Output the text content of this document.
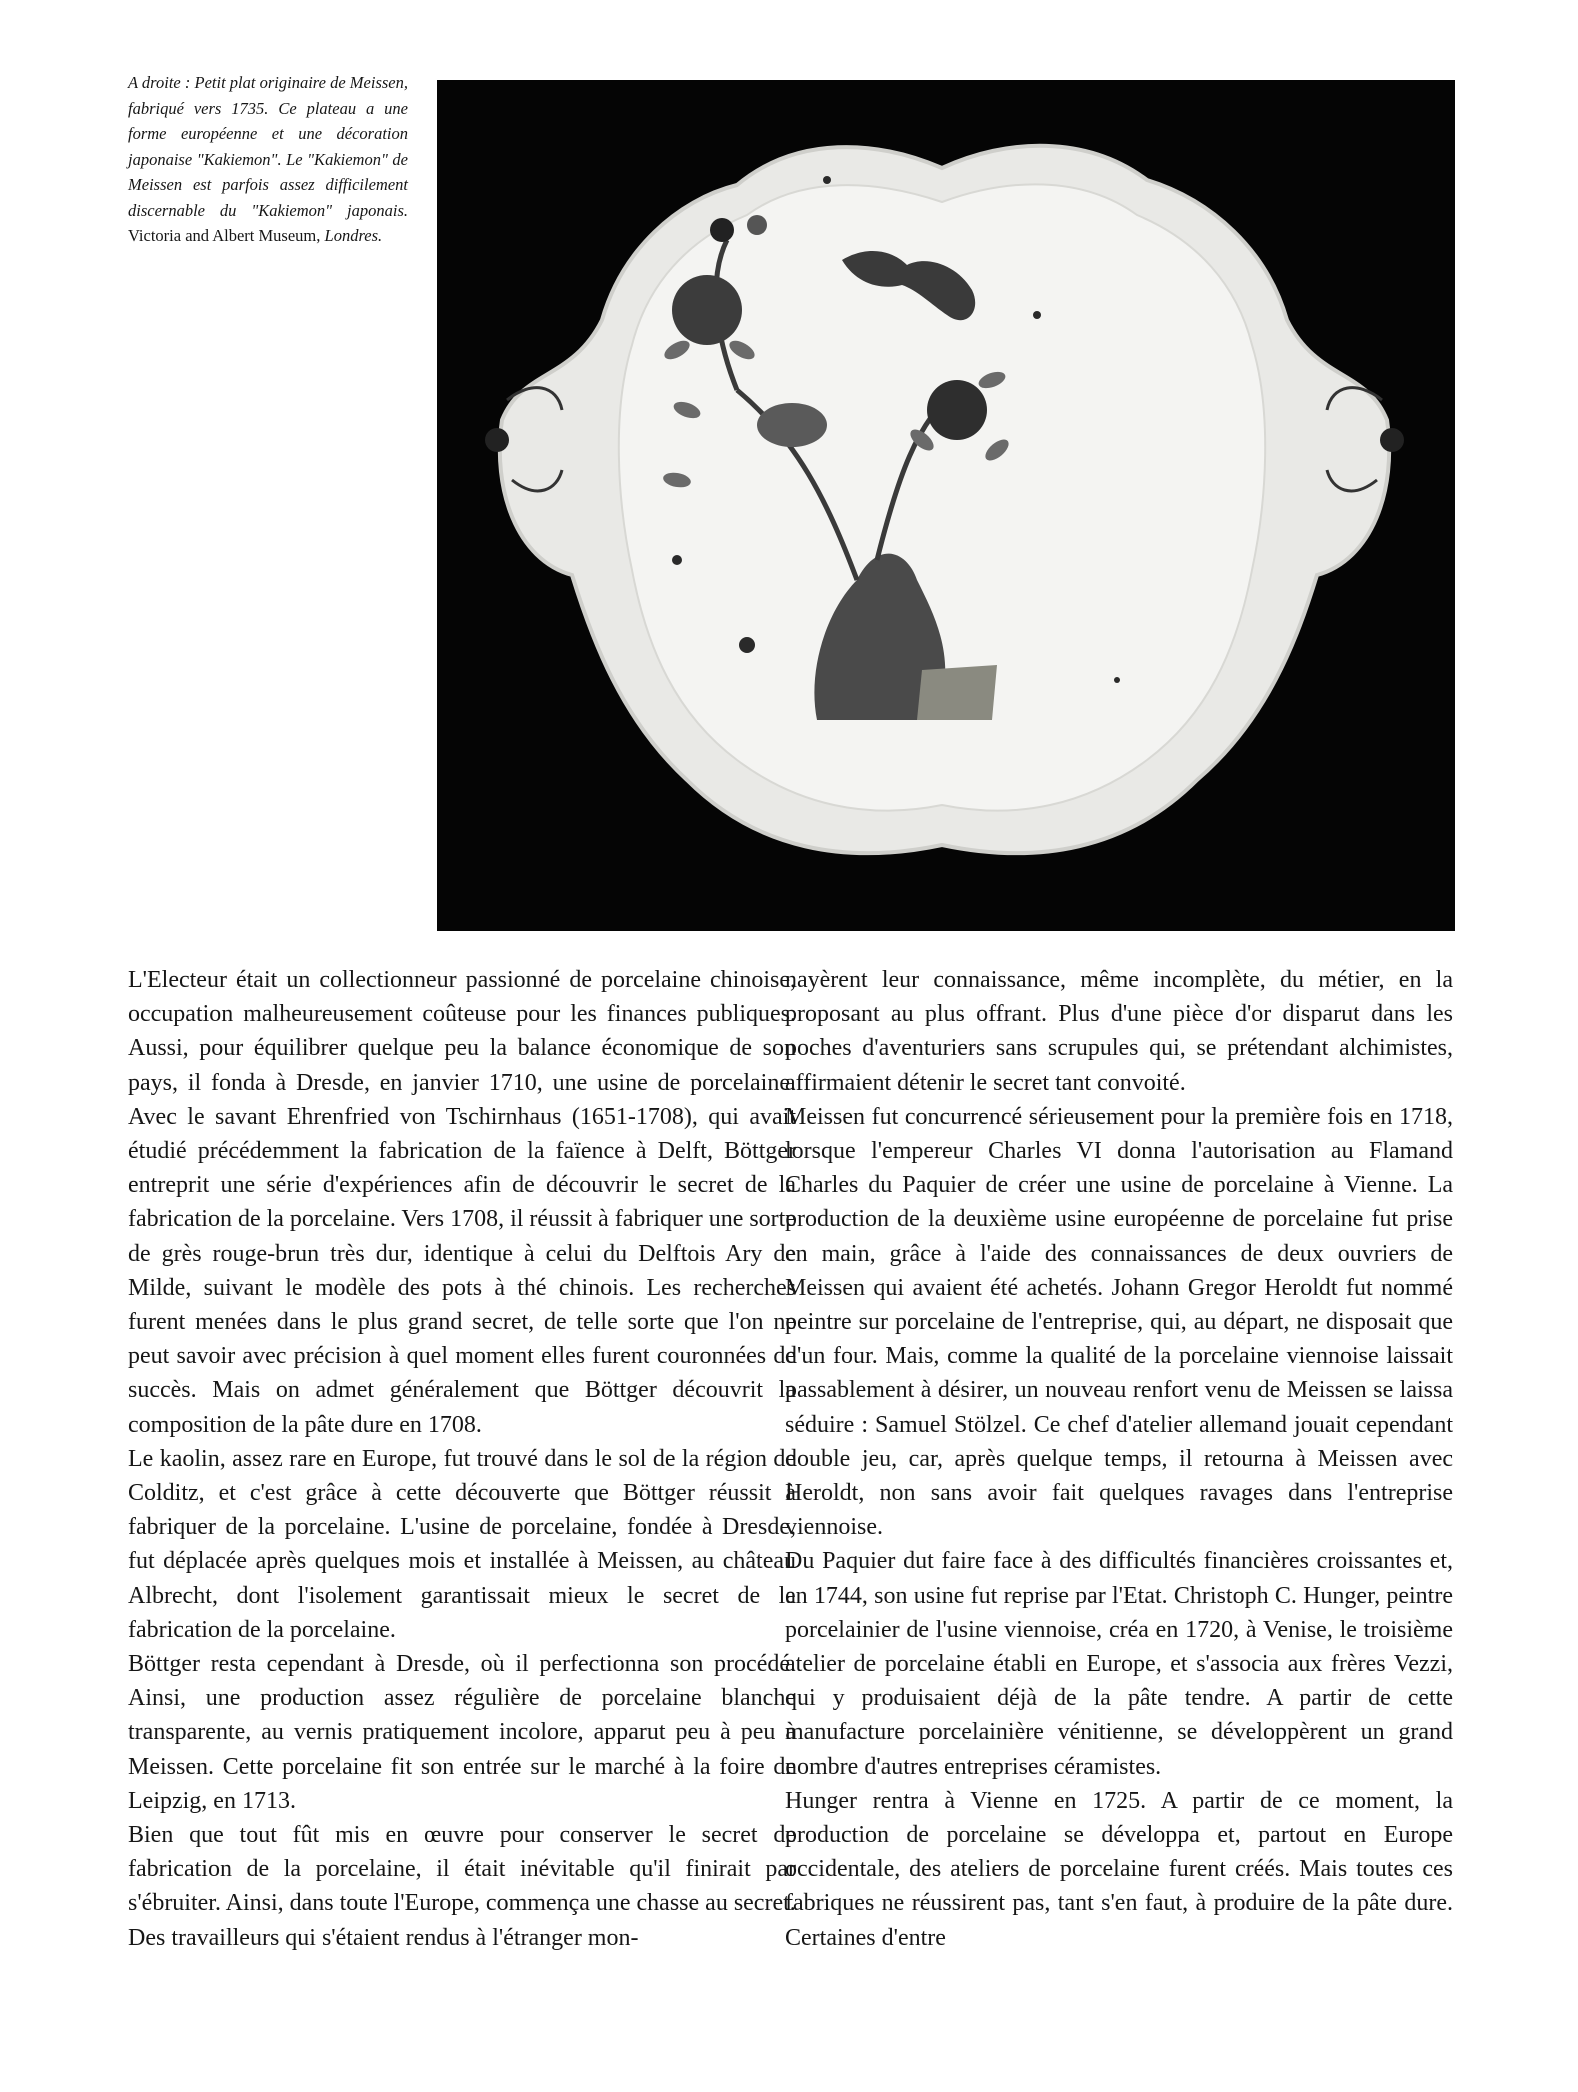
A droite : Petit plat originaire de Meissen, fabriqué vers 1735. Ce plateau a une forme européenne et une décoration japonaise "Kakiemon". Le "Kakiemon" de Meissen est parfois assez difficilement discernable du "Kakiemon" japonais. Victoria and Albert Museum, Londres.

L'Electeur était un collectionneur passionné de porcelaine chinoise, occupation malheureusement coûteuse pour les finances publiques. Aussi, pour équilibrer quelque peu la balance économique de son pays, il fonda à Dresde, en janvier 1710, une usine de porcelaine. Avec le savant Ehrenfried von Tschirnhaus (1651-1708), qui avait étudié précédemment la fabrication de la faïence à Delft, Böttger entreprit une série d'expériences afin de découvrir le secret de la fabrication de la porcelaine. Vers 1708, il réussit à fabriquer une sorte de grès rouge-brun très dur, identique à celui du Delftois Ary de Milde, suivant le modèle des pots à thé chinois. Les recherches furent menées dans le plus grand secret, de telle sorte que l'on ne peut savoir avec précision à quel moment elles furent couronnées de succès. Mais on admet généralement que Böttger découvrit la composition de la pâte dure en 1708.

Le kaolin, assez rare en Europe, fut trouvé dans le sol de la région de Colditz, et c'est grâce à cette découverte que Böttger réussit à fabriquer de la porcelaine. L'usine de porcelaine, fondée à Dresde, fut déplacée après quelques mois et installée à Meissen, au château Albrecht, dont l'isolement garantissait mieux le secret de la fabrication de la porcelaine.

Böttger resta cependant à Dresde, où il perfectionna son procédé. Ainsi, une production assez régulière de porcelaine blanche transparente, au vernis pratiquement incolore, apparut peu à peu à Meissen. Cette porcelaine fit son entrée sur le marché à la foire de Leipzig, en 1713.

Bien que tout fût mis en œuvre pour conserver le secret de fabrication de la porcelaine, il était inévitable qu'il finirait par s'ébruiter. Ainsi, dans toute l'Europe, commença une chasse au secret.

Des travailleurs qui s'étaient rendus à l'étranger mon-

nayèrent leur connaissance, même incomplète, du métier, en la proposant au plus offrant. Plus d'une pièce d'or disparut dans les poches d'aventuriers sans scrupules qui, se prétendant alchimistes, affirmaient détenir le secret tant convoité.

Meissen fut concurrencé sérieusement pour la première fois en 1718, lorsque l'empereur Charles VI donna l'autorisation au Flamand Charles du Paquier de créer une usine de porcelaine à Vienne. La production de la deuxième usine européenne de porcelaine fut prise en main, grâce à l'aide des connaissances de deux ouvriers de Meissen qui avaient été achetés. Johann Gregor Heroldt fut nommé peintre sur porcelaine de l'entreprise, qui, au départ, ne disposait que d'un four. Mais, comme la qualité de la porcelaine viennoise laissait passablement à désirer, un nouveau renfort venu de Meissen se laissa séduire : Samuel Stölzel. Ce chef d'atelier allemand jouait cependant double jeu, car, après quelque temps, il retourna à Meissen avec Heroldt, non sans avoir fait quelques ravages dans l'entreprise viennoise.

Du Paquier dut faire face à des difficultés financières croissantes et, en 1744, son usine fut reprise par l'Etat. Christoph C. Hunger, peintre porcelainier de l'usine viennoise, créa en 1720, à Venise, le troisième atelier de porcelaine établi en Europe, et s'associa aux frères Vezzi, qui y produisaient déjà de la pâte tendre. A partir de cette manufacture porcelainière vénitienne, se développèrent un grand nombre d'autres entreprises céramistes.

Hunger rentra à Vienne en 1725. A partir de ce moment, la production de porcelaine se développa et, partout en Europe occidentale, des ateliers de porcelaine furent créés. Mais toutes ces fabriques ne réussirent pas, tant s'en faut, à produire de la pâte dure. Certaines d'entre
